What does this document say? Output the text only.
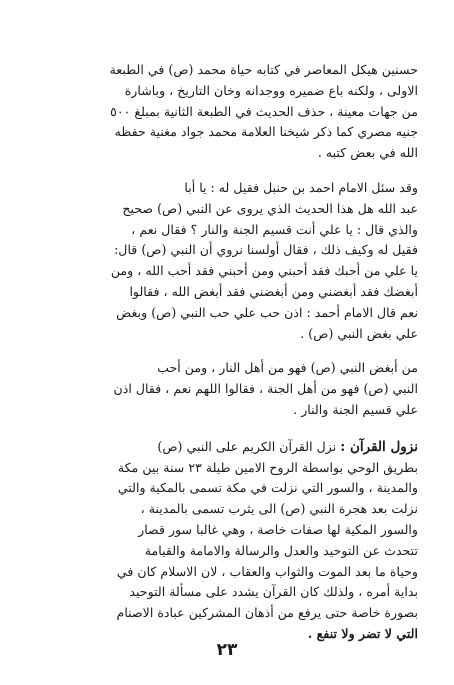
حسنين هيكل المعاصر في كتابه حياة محمد (ص) في الطبعة
الاولى ، ولكنه باع ضميره ووجدانه وخان التاريخ ، وباشارة
من جهات معينة ، حذف الحديث في الطبعة الثانية بمبلغ ٥٠٠
جنيه مصري كما ذكر شيخنا العلامة محمد جواد مغنية حفظه
الله في بعض كتبه .

وقد سئل الامام احمد بن حنبل فقيل له : يا أبا
عبد الله هل هذا الحديث الذي يروى عن النبي (ص) صحيح
والذي قال : يا علي أنت قسيم الجنة والنار ؟ فقال نعم ،
فقيل له وكيف ذلك ، فقال أولسنا نروي أن النبي (ص) قال:
يا علي من أحبك فقد أحبني ومن أحبني فقد أحب الله ، ومن
أبغضك فقد أبغضني ومن أبغضني فقد أبغض الله ، فقالوا
نعم قال الامام أحمد : اذن حب علي حب النبي (ص) وبغض
علي بغض النبي (ص) .

من أبغض النبي (ص) فهو من أهل النار ، ومن أحب
النبي (ص) فهو من أهل الجنة ، فقالوا اللهم نعم ، فقال اذن
علي قسيم الجنة والنار .

نزول القرآن : نزل القرآن الكريم على النبي (ص)
بطريق الوحي بواسطة الروح الامين طيلة ٢٣ سنة بين مكة
والمدينة ، والسور التي نزلت في مكة تسمى بالمكية والتي
نزلت بعد هجرة النبي (ص) الى يثرب تسمى بالمدينة ،
والسور المكية لها صفات خاصة ، وهي غالبا سور قصار
تتحدث عن التوحيد والعدل والرسالة والامامة والقيامة
وحياة ما بعد الموت والثواب والعقاب ، لان الاسلام كان في
بداية أمره ، ولذلك كان القرآن يشدد على مسألة التوحيد
بصورة خاصة حتى يرفع من أذهان المشركين عبادة الاصنام
التي لا تضر ولا تنفع .

٢٣
